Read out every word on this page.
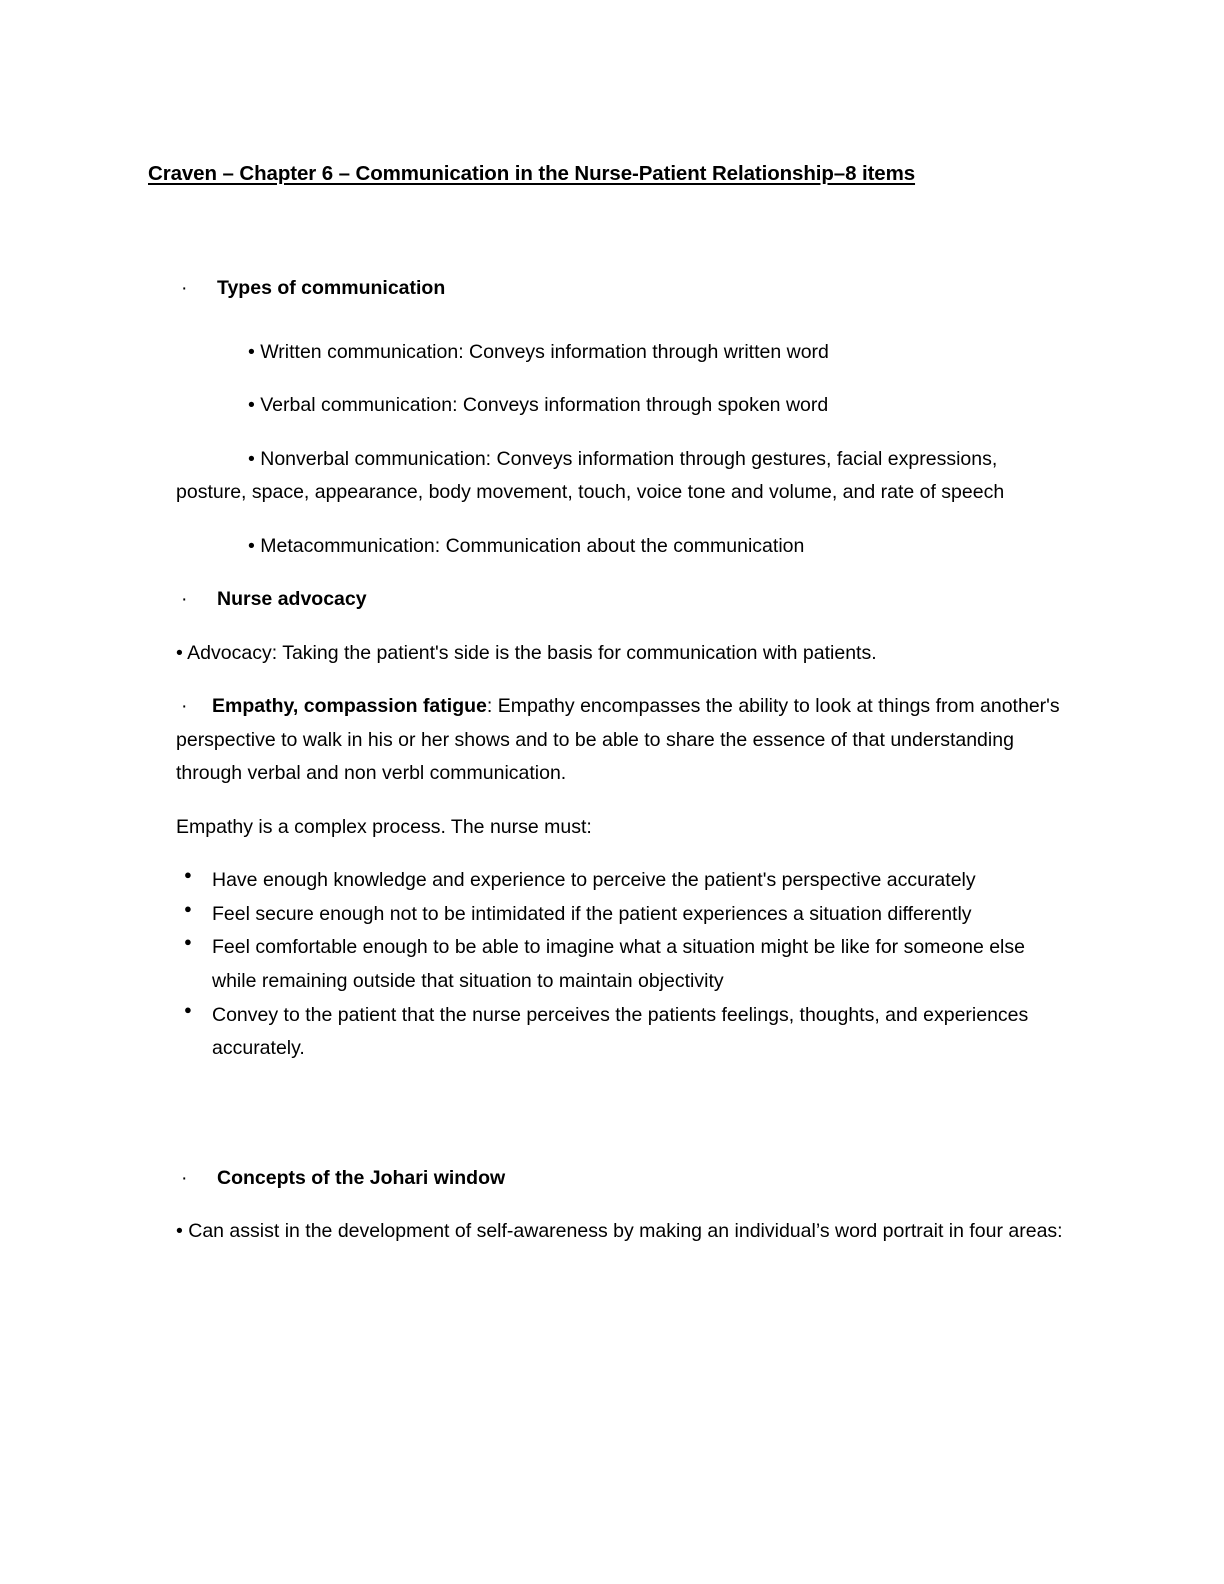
Craven – Chapter 6 – Communication in the Nurse-Patient Relationship–8 items
· Types of communication
• Written communication: Conveys information through written word
• Verbal communication: Conveys information through spoken word
• Nonverbal communication: Conveys information through gestures, facial expressions, posture, space, appearance, body movement, touch, voice tone and volume, and rate of speech
• Metacommunication: Communication about the communication
· Nurse advocacy
• Advocacy: Taking the patient's side is the basis for communication with patients.
· Empathy, compassion fatigue: Empathy encompasses the ability to look at things from another's perspective to walk in his or her shows and to be able to share the essence of that understanding through verbal and non verbl communication.
Empathy is a complex process. The nurse must:
● Have enough knowledge and experience to perceive the patient's perspective accurately
● Feel secure enough not to be intimidated if the patient experiences a situation differently
● Feel comfortable enough to be able to imagine what a situation might be like for someone else while remaining outside that situation to maintain objectivity
● Convey to the patient that the nurse perceives the patients feelings, thoughts, and experiences accurately.
· Concepts of the Johari window
• Can assist in the development of self-awareness by making an individual’s word portrait in four areas:
